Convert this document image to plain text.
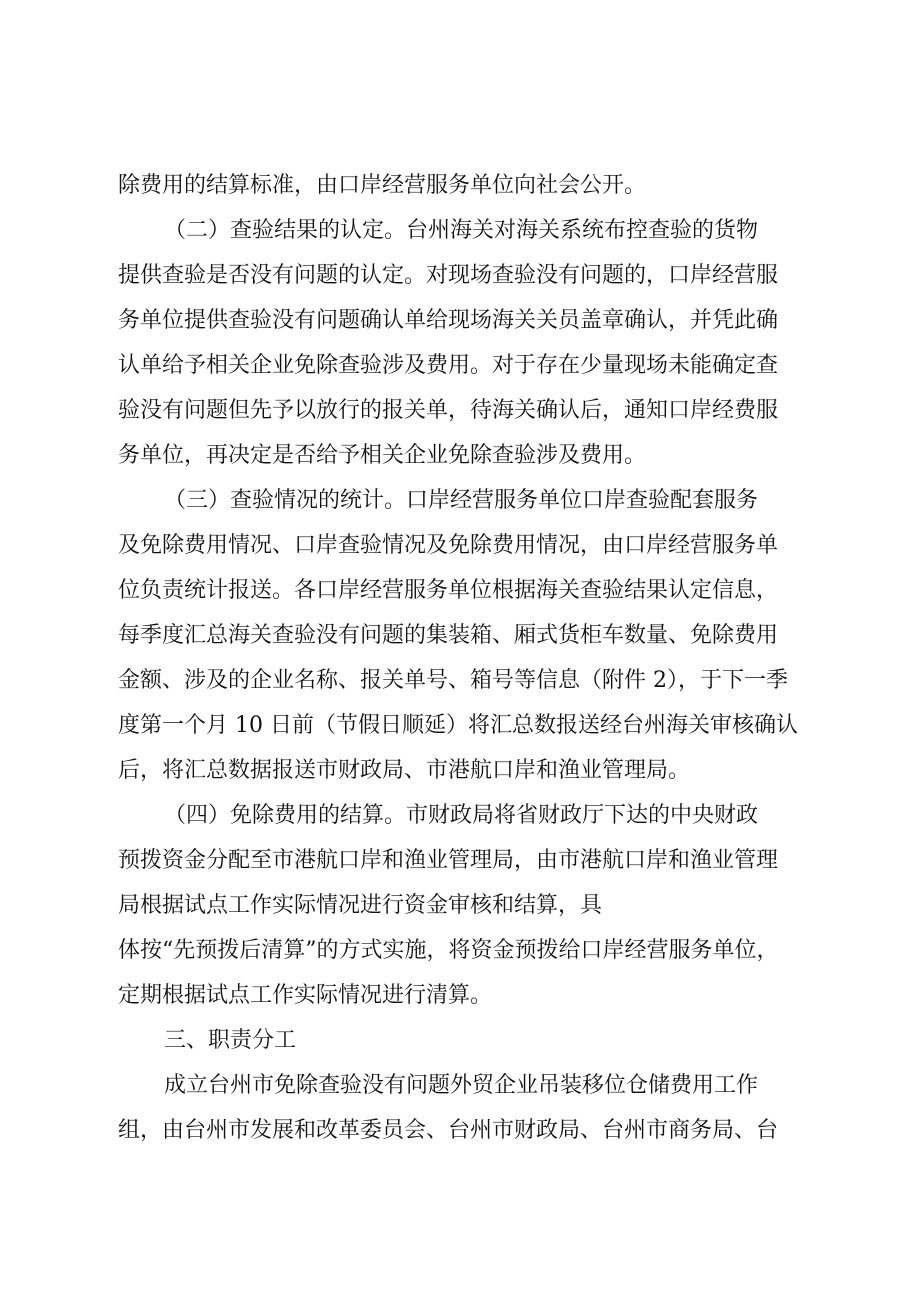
除费用的结算标准，由口岸经营服务单位向社会公开。
（二）查验结果的认定。台州海关对海关系统布控查验的货物
提供查验是否没有问题的认定。对现场查验没有问题的，口岸经营服
务单位提供查验没有问题确认单给现场海关关员盖章确认，并凭此确
认单给予相关企业免除查验涉及费用。对于存在少量现场未能确定查
验没有问题但先予以放行的报关单，待海关确认后，通知口岸经费服
务单位，再决定是否给予相关企业免除查验涉及费用。
（三）查验情况的统计。口岸经营服务单位口岸查验配套服务
及免除费用情况、口岸查验情况及免除费用情况，由口岸经营服务单
位负责统计报送。各口岸经营服务单位根据海关查验结果认定信息，
每季度汇总海关查验没有问题的集装箱、厢式货柜车数量、免除费用
金额、涉及的企业名称、报关单号、箱号等信息（附件 2），于下一季
度第一个月 10 日前（节假日顺延）将汇总数报送经台州海关审核确认
后，将汇总数据报送市财政局、市港航口岸和渔业管理局。
（四）免除费用的结算。市财政局将省财政厅下达的中央财政
预拨资金分配至市港航口岸和渔业管理局，由市港航口岸和渔业管理
局根据试点工作实际情况进行资金审核和结算，具
体按“先预拨后清算”的方式实施，将资金预拨给口岸经营服务单位，
定期根据试点工作实际情况进行清算。
三、职责分工
成立台州市免除查验没有问题外贸企业吊装移位仓储费用工作
组，由台州市发展和改革委员会、台州市财政局、台州市商务局、台
